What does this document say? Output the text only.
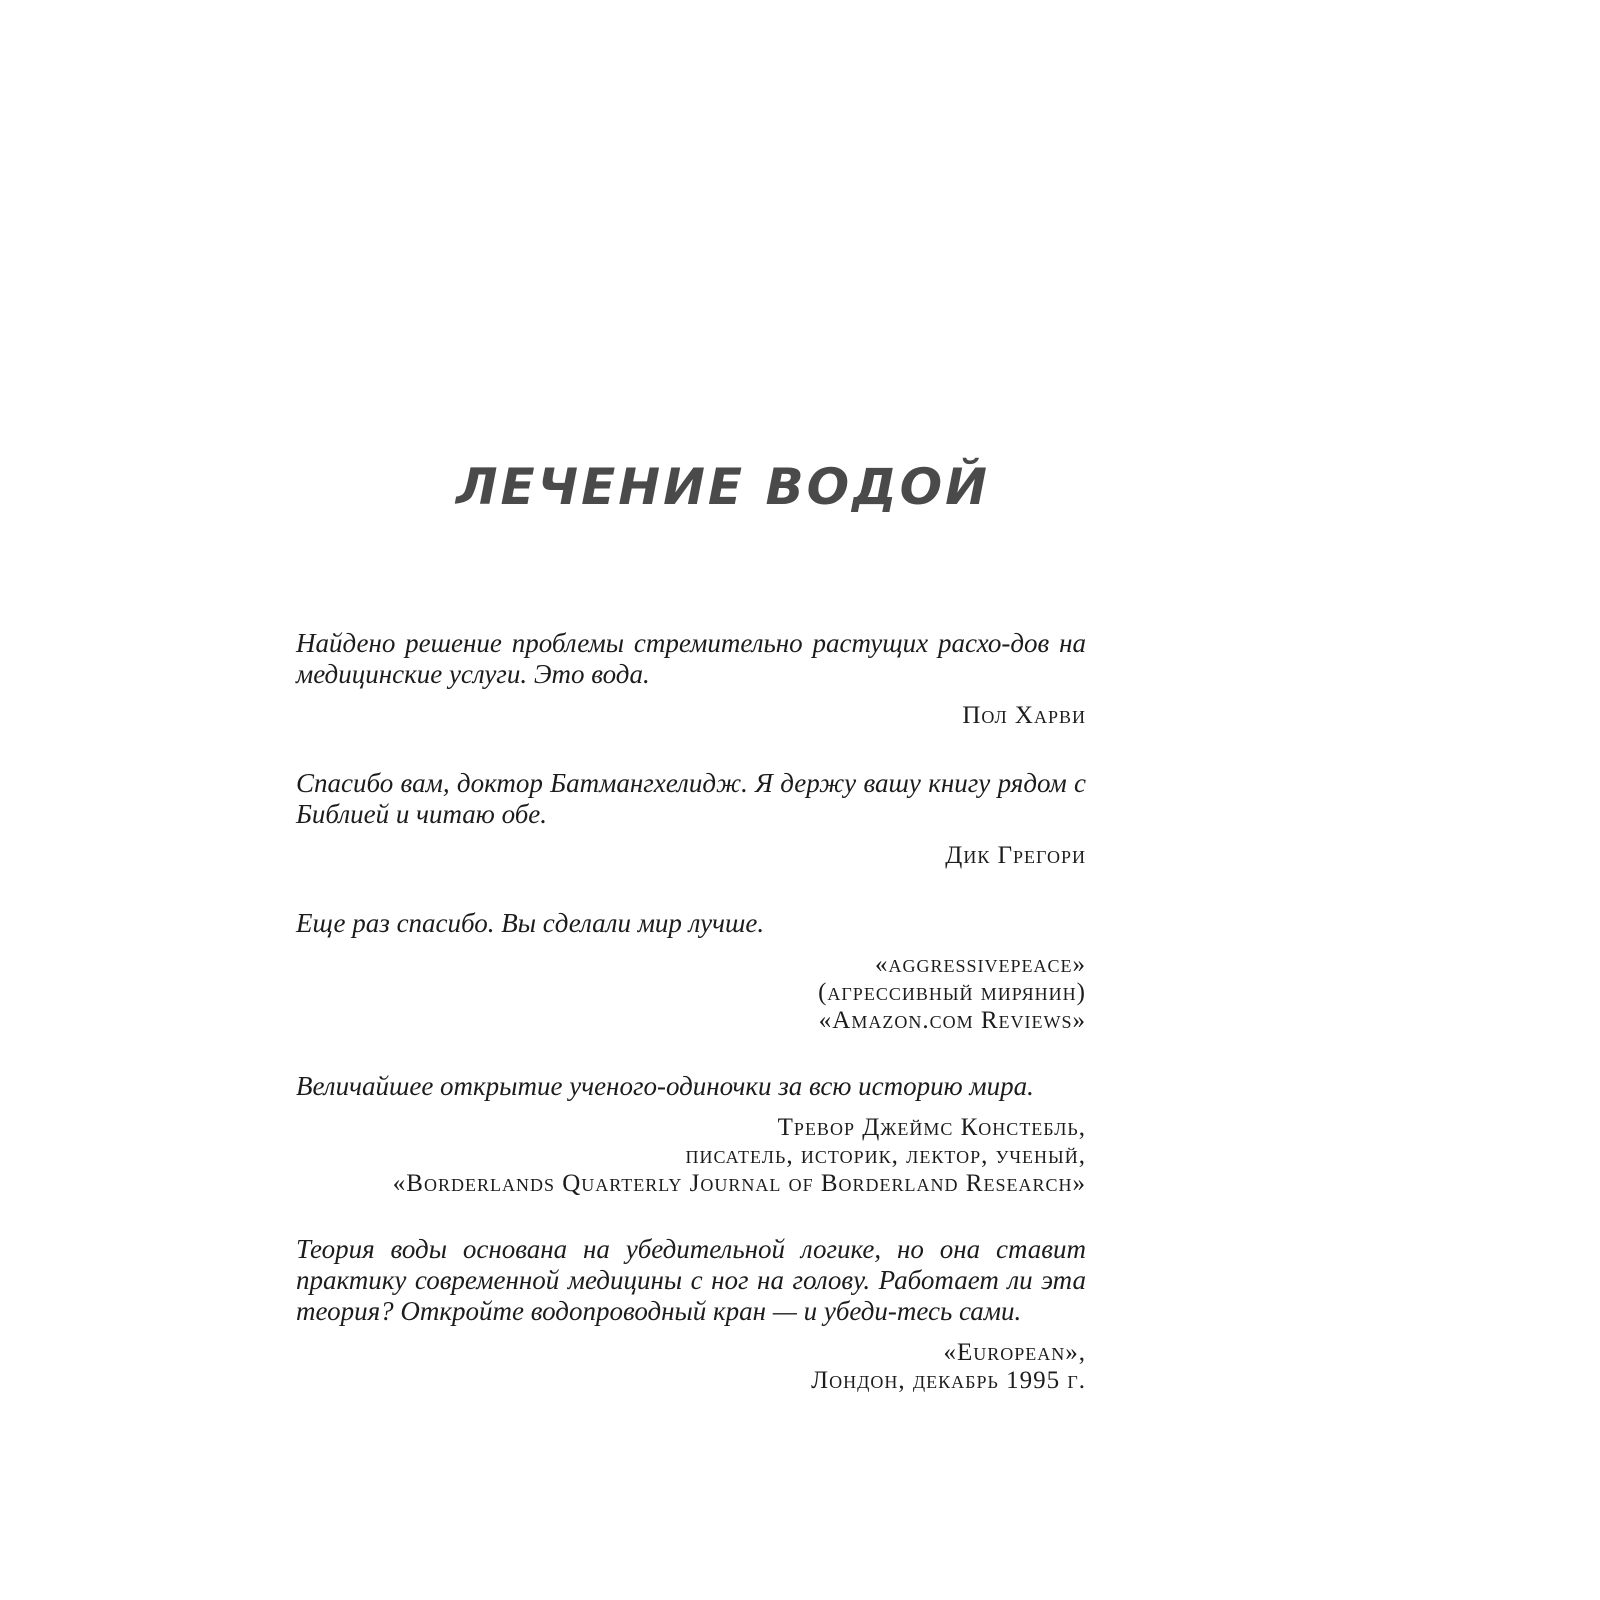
ЛЕЧЕНИЕ ВОДОЙ

Найдено решение проблемы стремительно растущих расхо-дов на медицинские услуги. Это вода.

Пол Харви

Спасибо вам, доктор Батмангхелидж. Я держу вашу книгу рядом с Библией и читаю обе.

Дик Грегори

Еще раз спасибо. Вы сделали мир лучше.

«aggressivepeace»
(агрессивный мирянин)
«Amazon.com Reviews»

Величайшее открытие ученого-одиночки за всю историю мира.

Тревор Джеймс Констебль,
писатель, историк, лектор, ученый,
«Borderlands Quarterly Journal of Borderland Research»

Теория воды основана на убедительной логике, но она ставит практику современной медицины с ног на голову. Работает ли эта теория? Откройте водопроводный кран — и убеди-тесь сами.

«European»,
Лондон, декабрь 1995 г.
